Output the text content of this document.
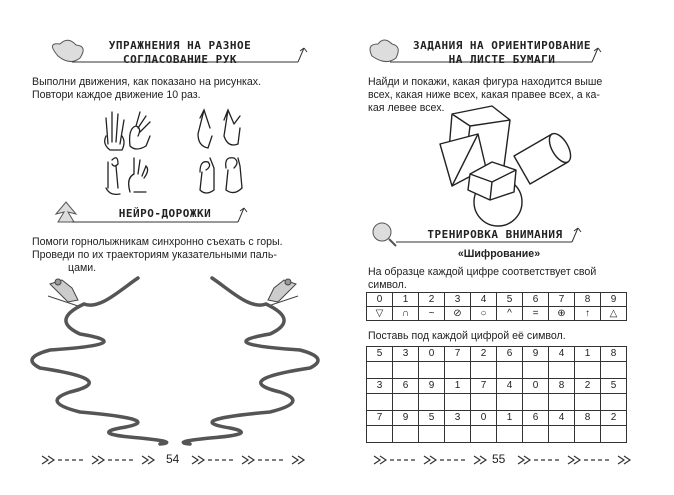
УПРАЖНЕНИЯ НА РАЗНОЕ
СОГЛАСОВАНИЕ РУК
Выполни движения, как показано на рисунках.
Повтори каждое движение 10 раз.
НЕЙРО-ДОРОЖКИ
Помоги горнолыжникам синхронно съехать с горы.
Проведи по их траекториям указательными паль-
цами.
54
ЗАДАНИЯ НА ОРИЕНТИРОВАНИЕ
НА ЛИСТЕ БУМАГИ
Найди и покажи, какая фигура находится выше
всех, какая ниже всех, какая правее всех, а ка-
кая левее всех.
ТРЕНИРОВКА ВНИМАНИЯ
«Шифрование»
На образце каждой цифре соответствует свой
символ.
0	1	2	3	4	5	6	7	8	9
▽	∩	~	⊘	○	^	=	⊕	↑	△
Поставь под каждой цифрой её символ.
5	3	0	7	2	6	9	4	1	8

3	6	9	1	7	4	0	8	2	5

7	9	5	3	0	1	6	4	8	2

55
